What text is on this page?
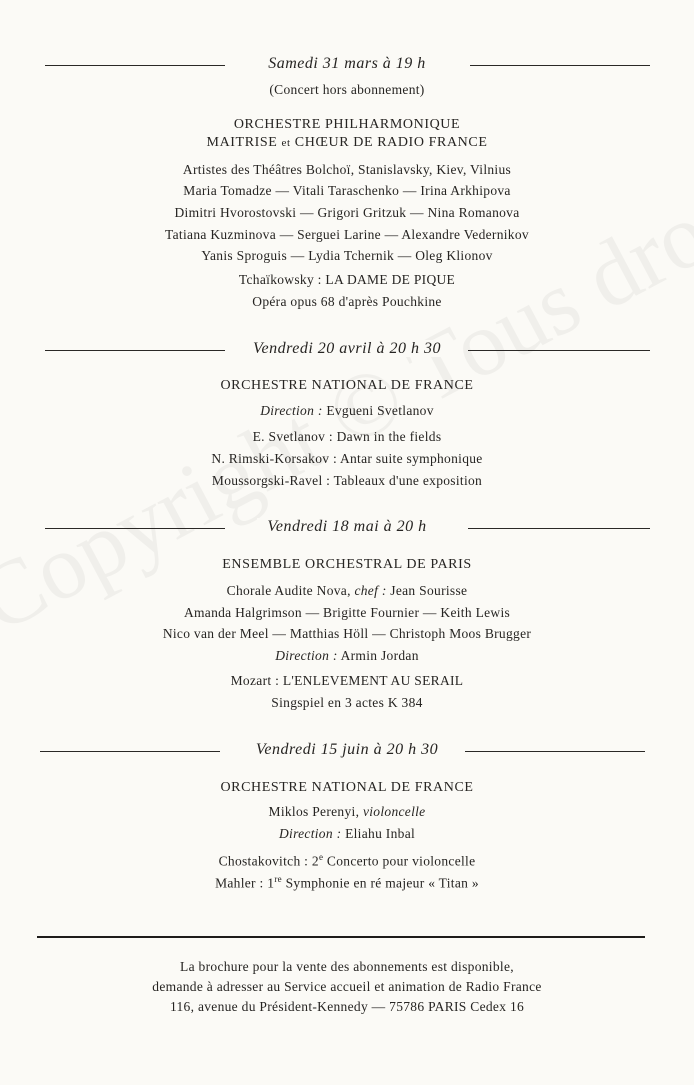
Samedi 31 mars à 19 h
(Concert hors abonnement)
ORCHESTRE PHILHARMONIQUE
MAITRISE et CHŒUR DE RADIO FRANCE
Artistes des Théâtres Bolchoï, Stanislavsky, Kiev, Vilnius
Maria Tomadze — Vitali Taraschenko — Irina Arkhipova
Dimitri Hvorostovski — Grigori Gritzuk — Nina Romanova
Tatiana Kuzminova — Serguei Larine — Alexandre Vedernikov
Yanis Sproguis — Lydia Tchernik — Oleg Klionov
Tchaïkowsky : LA DAME DE PIQUE
Opéra opus 68 d'après Pouchkine
Vendredi 20 avril à 20 h 30
ORCHESTRE NATIONAL DE FRANCE
Direction : Evgueni Svetlanov
E. Svetlanov : Dawn in the fields
N. Rimski-Korsakov : Antar suite symphonique
Moussorgski-Ravel : Tableaux d'une exposition
Vendredi 18 mai à 20 h
ENSEMBLE ORCHESTRAL DE PARIS
Chorale Audite Nova, chef : Jean Sourisse
Amanda Halgrimson — Brigitte Fournier — Keith Lewis
Nico van der Meel — Matthias Höll — Christoph Moos Brugger
Direction : Armin Jordan
Mozart : L'ENLEVEMENT AU SERAIL
Singspiel en 3 actes K 384
Vendredi 15 juin à 20 h 30
ORCHESTRE NATIONAL DE FRANCE
Miklos Perenyi, violoncelle
Direction : Eliahu Inbal
Chostakovitch : 2e Concerto pour violoncelle
Mahler : 1re Symphonie en ré majeur « Titan »
La brochure pour la vente des abonnements est disponible,
demande à adresser au Service accueil et animation de Radio France
116, avenue du Président-Kennedy — 75786 PARIS Cedex 16
